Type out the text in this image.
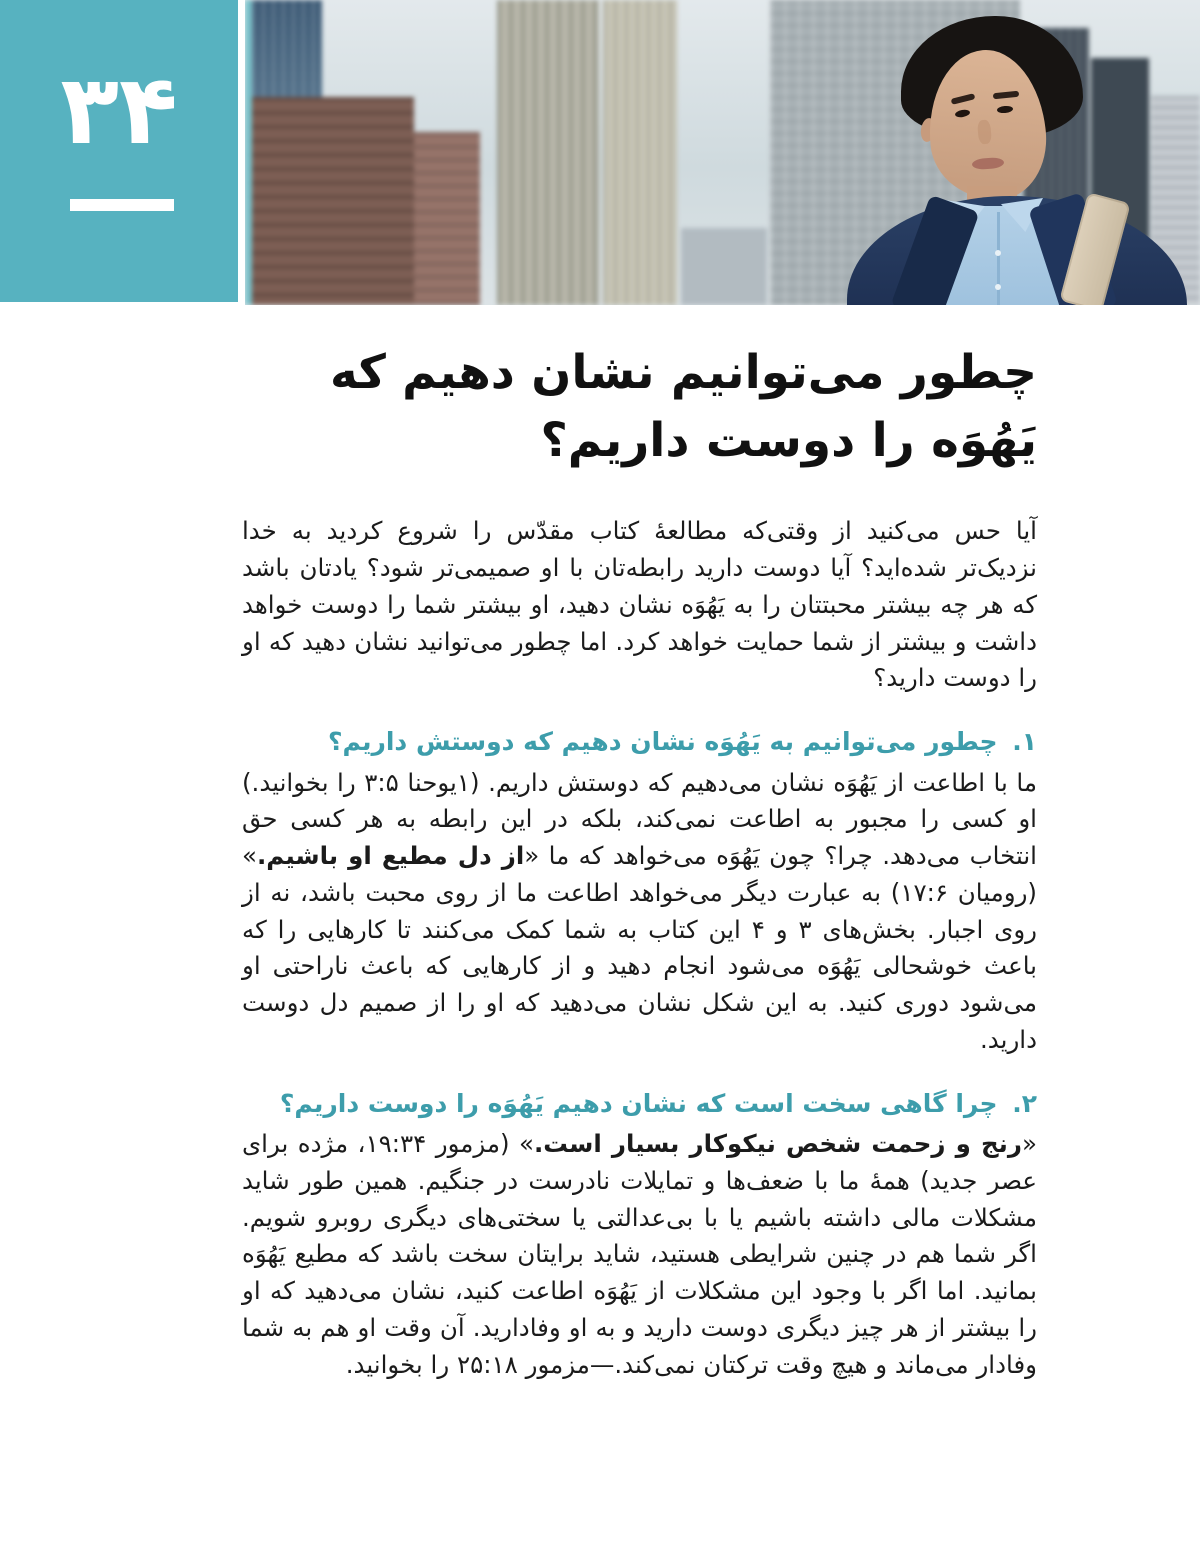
۳۴
چطور می‌توانیم نشان دهیم که
یَهُوَه را دوست داریم؟

آیا حس می‌کنید از وقتی‌که مطالعهٔ کتاب مقدّس را شروع کردید به خدا نزدیک‌تر شده‌اید؟ آیا دوست دارید رابطه‌تان با او صمیمی‌تر شود؟ یادتان باشد که هر چه بیشتر محبتتان را به یَهُوَه نشان دهید، او بیشتر شما را دوست خواهد داشت و بیشتر از شما حمایت خواهد کرد. اما چطور می‌توانید نشان دهید که او را دوست دارید؟

۱. چطور می‌توانیم به یَهُوَه نشان دهیم که دوستش داریم؟

ما با اطاعت از یَهُوَه نشان می‌دهیم که دوستش داریم. (۱یوحنا ۳:۵ را بخوانید.) او کسی را مجبور به اطاعت نمی‌کند، بلکه در این رابطه به هر کسی حق انتخاب می‌دهد. چرا؟ چون یَهُوَه می‌خواهد که ما «از دل مطیع او باشیم.» (رومیان ۱۷:۶) به عبارت دیگر می‌خواهد اطاعت ما از روی محبت باشد، نه از روی اجبار. بخش‌های ۳ و ۴ این کتاب به شما کمک می‌کنند تا کارهایی را که باعث خوشحالی یَهُوَه می‌شود انجام دهید و از کارهایی که باعث ناراحتی او می‌شود دوری کنید. به این شکل نشان می‌دهید که او را از صمیم دل دوست دارید.

۲. چرا گاهی سخت است که نشان دهیم یَهُوَه را دوست داریم؟

«رنج و زحمت شخص نیکوکار بسیار است.» (مزمور ۱۹:۳۴، مژده برای عصر جدید) همهٔ ما با ضعف‌ها و تمایلات نادرست در جنگیم. همین طور شاید مشکلات مالی داشته باشیم یا با بی‌عدالتی یا سختی‌های دیگری روبرو شویم. اگر شما هم در چنین شرایطی هستید، شاید برایتان سخت باشد که مطیع یَهُوَه بمانید. اما اگر با وجود این مشکلات از یَهُوَه اطاعت کنید، نشان می‌دهید که او را بیشتر از هر چیز دیگری دوست دارید و به او وفادارید. آن وقت او هم به شما وفادار می‌ماند و هیچ وقت ترکتان نمی‌کند.—مزمور ۲۵:۱۸ را بخوانید.
